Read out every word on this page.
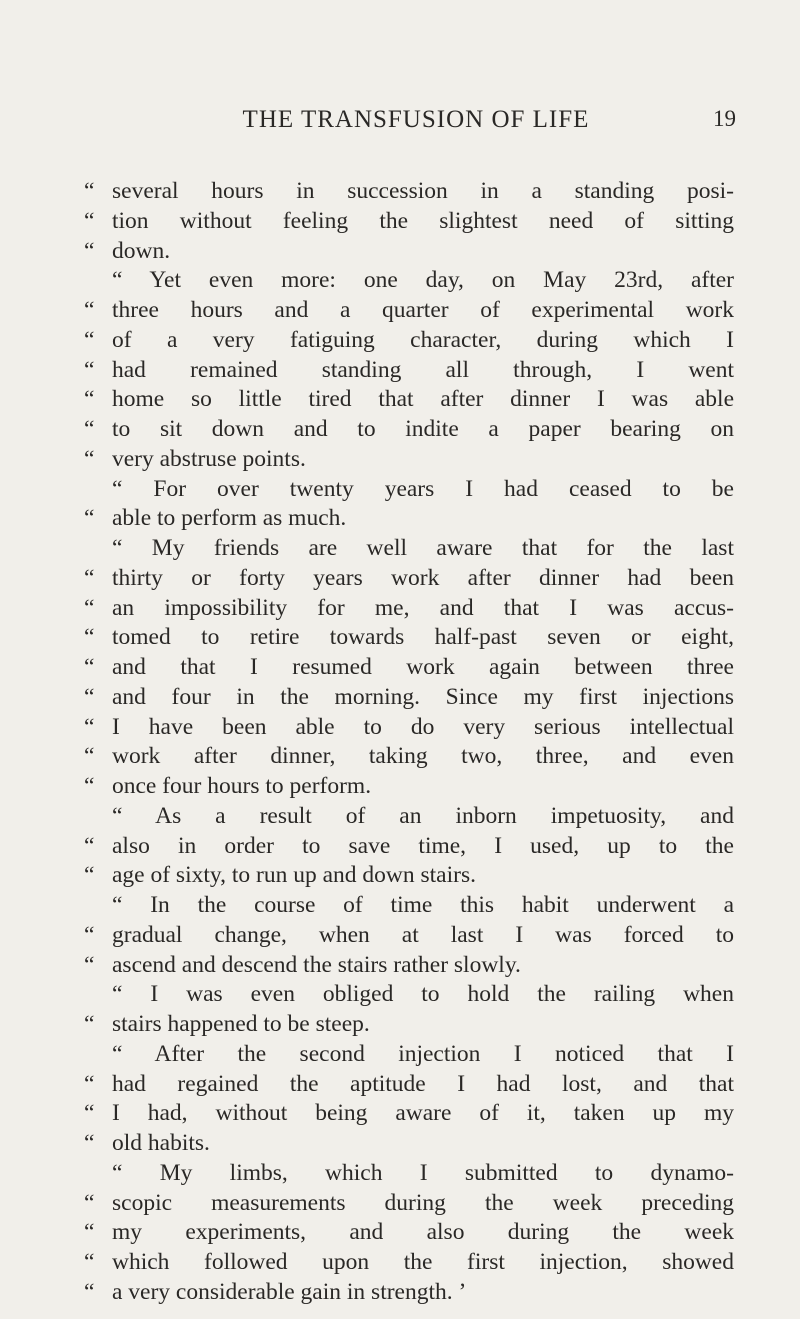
THE TRANSFUSION OF LIFE	19
“ several hours in succession in a standing posi-
“ tion without feeling the slightest need of sitting
“ down.
“ Yet even more: one day, on May 23rd, after
“ three hours and a quarter of experimental work
“ of a very fatiguing character, during which I
“ had remained standing all through, I went
“ home so little tired that after dinner I was able
“ to sit down and to indite a paper bearing on
“ very abstruse points.
“ For over twenty years I had ceased to be
“ able to perform as much.
“ My friends are well aware that for the last
“ thirty or forty years work after dinner had been
“ an impossibility for me, and that I was accus-
“ tomed to retire towards half-past seven or eight,
“ and that I resumed work again between three
“ and four in the morning. Since my first injections
“ I have been able to do very serious intellectual
“ work after dinner, taking two, three, and even
“ once four hours to perform.
“ As a result of an inborn impetuosity, and
“ also in order to save time, I used, up to the
“ age of sixty, to run up and down stairs.
“ In the course of time this habit underwent a
“ gradual change, when at last I was forced to
“ ascend and descend the stairs rather slowly.
“ I was even obliged to hold the railing when
“ stairs happened to be steep.
“ After the second injection I noticed that I
“ had regained the aptitude I had lost, and that
“ I had, without being aware of it, taken up my
“ old habits.
“ My limbs, which I submitted to dynamo-
“ scopic measurements during the week preceding
“ my experiments, and also during the week
“ which followed upon the first injection, showed
“ a very considerable gain in strength. ’
